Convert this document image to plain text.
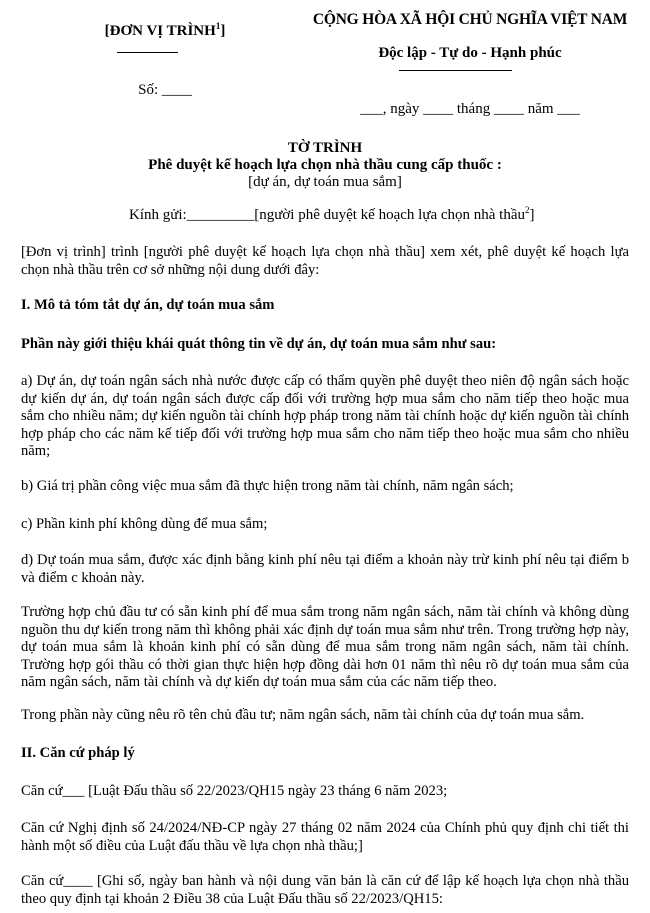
[ĐƠN VỊ TRÌNH$^1$]
Số: ____
CỘNG HÒA XÃ HỘI CHỦ NGHĨA VIỆT NAM
Độc lập - Tự do - Hạnh phúc
___, ngày ____ tháng ____ năm ___
TỜ TRÌNH
Phê duyệt kế hoạch lựa chọn nhà thầu cung cấp thuốc :
[dự án, dự toán mua sắm]
Kính gửi:_________[người phê duyệt kế hoạch lựa chọn nhà thầu$^2$]
[Đơn vị trình] trình [người phê duyệt kế hoạch lựa chọn nhà thầu] xem xét, phê duyệt kế hoạch lựa chọn nhà thầu trên cơ sở những nội dung dưới đây:
I. Mô tả tóm tắt dự án, dự toán mua sắm
Phần này giới thiệu khái quát thông tin về dự án, dự toán mua sắm như sau:
a) Dự án, dự toán ngân sách nhà nước được cấp có thẩm quyền phê duyệt theo niên độ ngân sách hoặc dự kiến dự án, dự toán ngân sách được cấp đối với trường hợp mua sắm cho năm tiếp theo hoặc mua sắm cho nhiều năm; dự kiến nguồn tài chính hợp pháp trong năm tài chính hoặc dự kiến nguồn tài chính hợp pháp cho các năm kế tiếp đối với trường hợp mua sắm cho năm tiếp theo hoặc mua sắm cho nhiều năm;
b) Giá trị phần công việc mua sắm đã thực hiện trong năm tài chính, năm ngân sách;
c) Phần kinh phí không dùng để mua sắm;
d) Dự toán mua sắm, được xác định bằng kinh phí nêu tại điểm a khoản này trừ kinh phí nêu tại điểm b và điểm c khoản này.
Trường hợp chủ đầu tư có sẵn kinh phí để mua sắm trong năm ngân sách, năm tài chính và không dùng nguồn thu dự kiến trong năm thì không phải xác định dự toán mua sắm như trên. Trong trường hợp này, dự toán mua sắm là khoản kinh phí có sẵn dùng để mua sắm trong năm ngân sách, năm tài chính. Trường hợp gói thầu có thời gian thực hiện hợp đồng dài hơn 01 năm thì nêu rõ dự toán mua sắm của năm ngân sách, năm tài chính và dự kiến dự toán mua sắm của các năm tiếp theo.
Trong phần này cũng nêu rõ tên chủ đầu tư; năm ngân sách, năm tài chính của dự toán mua sắm.
II. Căn cứ pháp lý
Căn cứ___ [Luật Đấu thầu số 22/2023/QH15 ngày 23 tháng 6 năm 2023;
Căn cứ Nghị định số 24/2024/NĐ-CP ngày 27 tháng 02 năm 2024 của Chính phủ quy định chi tiết thi hành một số điều của Luật đấu thầu về lựa chọn nhà thầu;]
Căn cứ____ [Ghi số, ngày ban hành và nội dung văn bản là căn cứ để lập kế hoạch lựa chọn nhà thầu theo quy định tại khoản 2 Điều 38 của Luật Đấu thầu số 22/2023/QH15:
